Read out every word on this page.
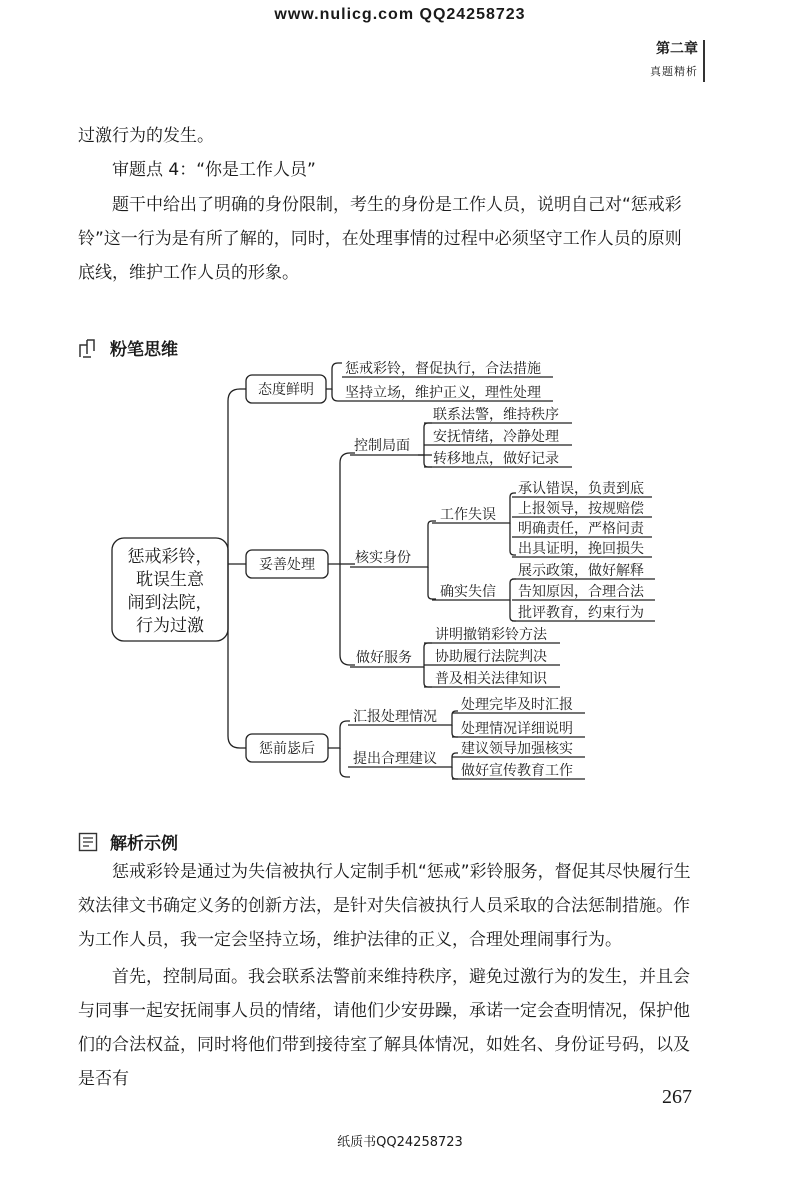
www.nulicg.com QQ24258723
第二章
真题精析
过激行为的发生。
审题点 4：“你是工作人员”
题干中给出了明确的身份限制，考生的身份是工作人员，说明自己对“惩戒彩铃”这一行为是有所了解的，同时，在处理事情的过程中必须坚守工作人员的原则底线，维护工作人员的形象。
粉笔思维
惩戒彩铃，
耽误生意
闹到法院，
行为过激
态度鲜明
惩戒彩铃，督促执行，合法措施
坚持立场，维护正义，理性处理
妥善处理
控制局面
联系法警，维持秩序
安抚情绪，冷静处理
转移地点，做好记录
核实身份
工作失误
承认错误，负责到底
上报领导，按规赔偿
明确责任，严格问责
出具证明，挽回损失
确实失信
展示政策，做好解释
告知原因，合理合法
批评教育，约束行为
做好服务
讲明撤销彩铃方法
协助履行法院判决
普及相关法律知识
惩前毖后
汇报处理情况
处理完毕及时汇报
处理情况详细说明
提出合理建议
建议领导加强核实
做好宣传教育工作
解析示例
惩戒彩铃是通过为失信被执行人定制手机“惩戒”彩铃服务，督促其尽快履行生效法律文书确定义务的创新方法，是针对失信被执行人员采取的合法惩制措施。作为工作人员，我一定会坚持立场，维护法律的正义，合理处理闹事行为。
首先，控制局面。我会联系法警前来维持秩序，避免过激行为的发生，并且会与同事一起安抚闹事人员的情绪，请他们少安毋躁，承诺一定会查明情况，保护他们的合法权益，同时将他们带到接待室了解具体情况，如姓名、身份证号码，以及是否有
267
纸质书QQ24258723
